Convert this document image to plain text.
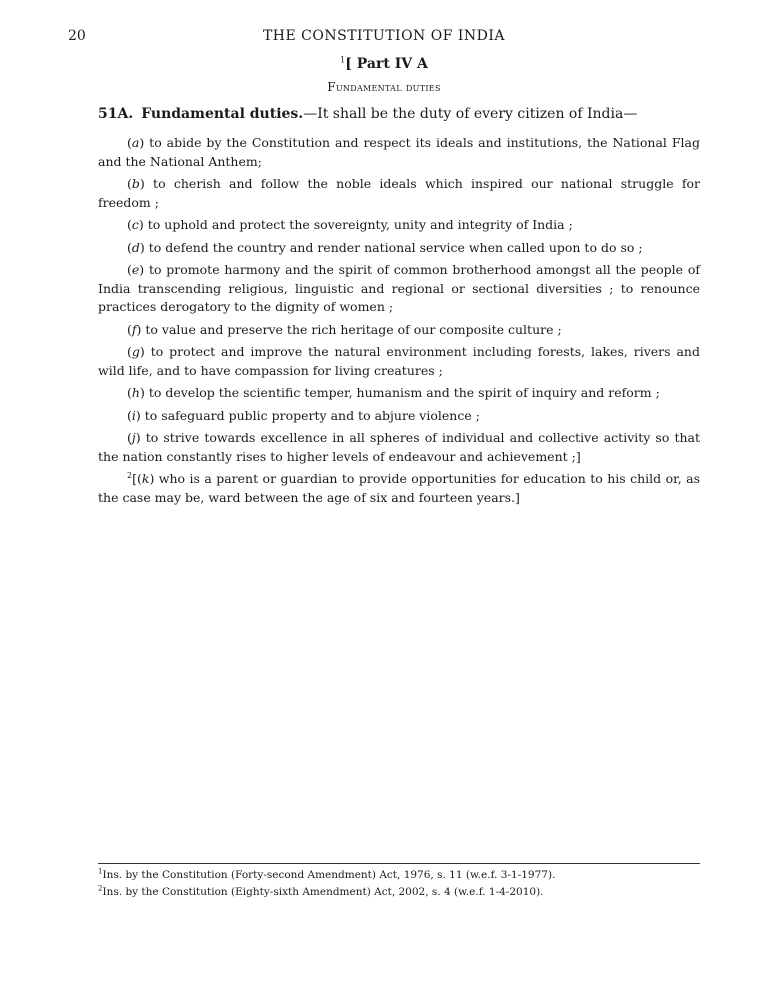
20	THE CONSTITUTION OF INDIA
$^1$[ Part IV A
Fundamental duties
51A. Fundamental duties.—It shall be the duty of every citizen of India—

(a) to abide by the Constitution and respect its ideals and institutions, the National Flag and the National Anthem;

(b) to cherish and follow the noble ideals which inspired our national struggle for freedom ;

(c) to uphold and protect the sovereignty, unity and integrity of India ;

(d) to defend the country and render national service when called upon to do so ;

(e) to promote harmony and the spirit of common brotherhood amongst all the people of India transcending religious, linguistic and regional or sectional diversities ; to renounce practices derogatory to the dignity of women ;

(f) to value and preserve the rich heritage of our composite culture ;

(g) to protect and improve the natural environment including forests, lakes, rivers and wild life, and to have compassion for living creatures ;

(h) to develop the scientific temper, humanism and the spirit of inquiry and reform ;

(i) to safeguard public property and to abjure violence ;

(j) to strive towards excellence in all spheres of individual and collective activity so that the nation constantly rises to higher levels of endeavour and achievement ;]

$^2$[(k) who is a parent or guardian to provide opportunities for education to his child or, as the case may be, ward between the age of six and fourteen years.]

$^1$Ins. by the Constitution (Forty-second Amendment) Act, 1976, s. 11 (w.e.f. 3-1-1977).
$^2$Ins. by the Constitution (Eighty-sixth Amendment) Act, 2002, s. 4 (w.e.f. 1-4-2010).
